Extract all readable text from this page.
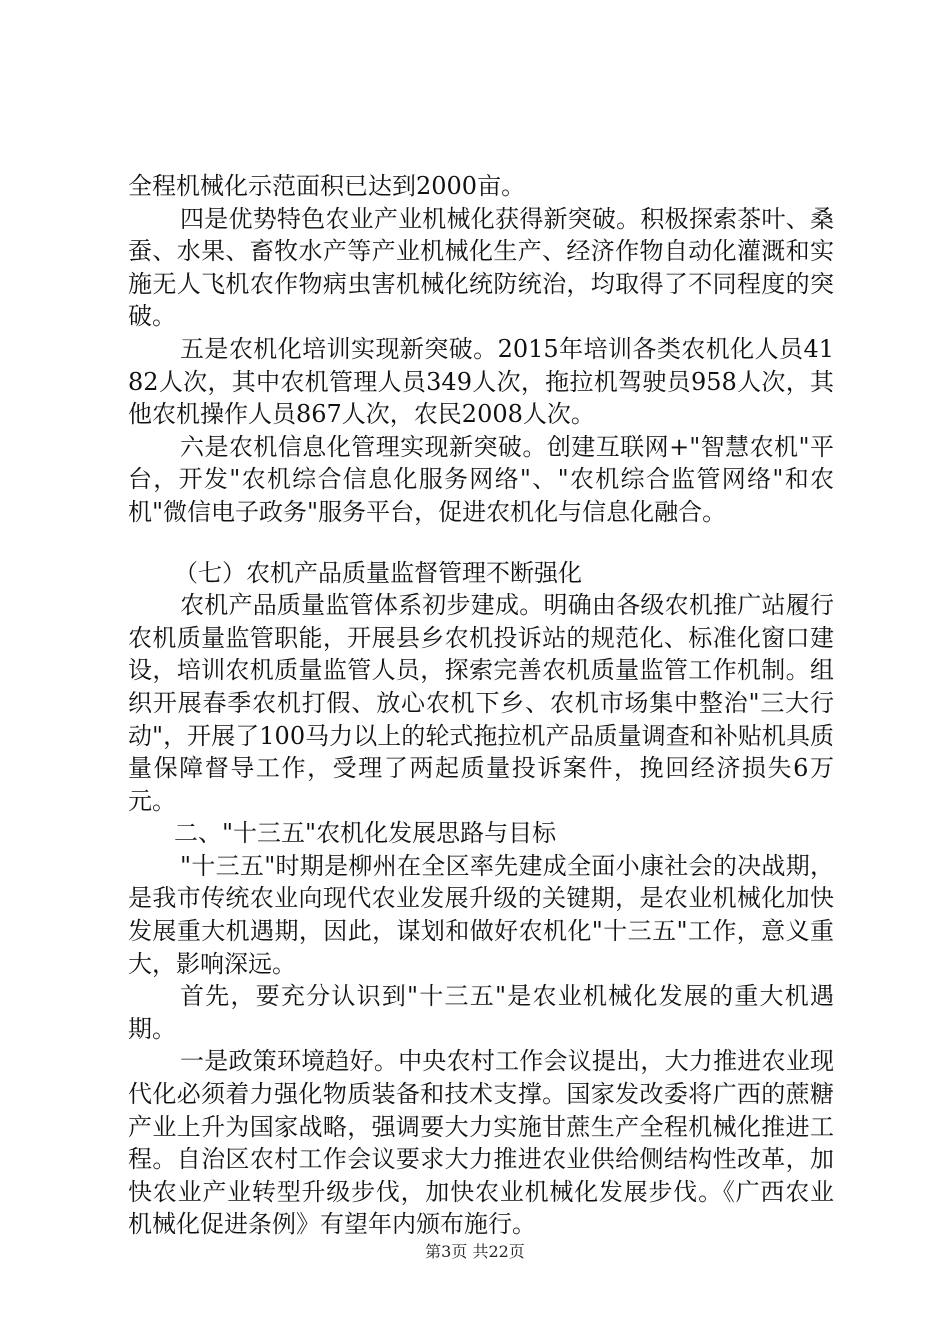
全程机械化示范面积已达到2000亩。

四是优势特色农业产业机械化获得新突破。积极探索茶叶、桑蚕、水果、畜牧水产等产业机械化生产、经济作物自动化灌溉和实施无人飞机农作物病虫害机械化统防统治，均取得了不同程度的突破。

五是农机化培训实现新突破。2015年培训各类农机化人员4182人次，其中农机管理人员349人次，拖拉机驾驶员958人次，其他农机操作人员867人次，农民2008人次。

六是农机信息化管理实现新突破。创建互联网+"智慧农机"平台，开发"农机综合信息化服务网络"、"农机综合监管网络"和农机"微信电子政务"服务平台，促进农机化与信息化融合。

（七）农机产品质量监督管理不断强化

农机产品质量监管体系初步建成。明确由各级农机推广站履行农机质量监管职能，开展县乡农机投诉站的规范化、标准化窗口建设，培训农机质量监管人员，探索完善农机质量监管工作机制。组织开展春季农机打假、放心农机下乡、农机市场集中整治"三大行动"，开展了100马力以上的轮式拖拉机产品质量调查和补贴机具质量保障督导工作，受理了两起质量投诉案件，挽回经济损失6万元。

二、"十三五"农机化发展思路与目标

"十三五"时期是柳州在全区率先建成全面小康社会的决战期，是我市传统农业向现代农业发展升级的关键期，是农业机械化加快发展重大机遇期，因此，谋划和做好农机化"十三五"工作，意义重大，影响深远。

首先，要充分认识到"十三五"是农业机械化发展的重大机遇期。

一是政策环境趋好。中央农村工作会议提出，大力推进农业现代化必须着力强化物质装备和技术支撑。国家发改委将广西的蔗糖产业上升为国家战略，强调要大力实施甘蔗生产全程机械化推进工程。自治区农村工作会议要求大力推进农业供给侧结构性改革，加快农业产业转型升级步伐，加快农业机械化发展步伐。《广西农业机械化促进条例》有望年内颁布施行。

第3页 共22页
